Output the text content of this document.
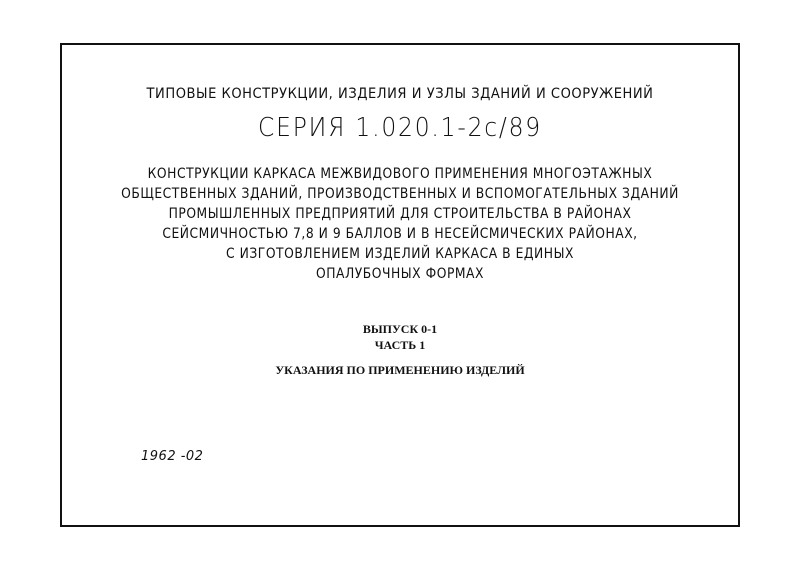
ТИПОВЫЕ КОНСТРУКЦИИ, ИЗДЕЛИЯ И УЗЛЫ ЗДАНИЙ И СООРУЖЕНИЙ
СЕРИЯ 1.020.1-2с/89
КОНСТРУКЦИИ КАРКАСА МЕЖВИДОВОГО ПРИМЕНЕНИЯ МНОГОЭТАЖНЫХ
ОБЩЕСТВЕННЫХ ЗДАНИЙ, ПРОИЗВОДСТВЕННЫХ И ВСПОМОГАТЕЛЬНЫХ ЗДАНИЙ
ПРОМЫШЛЕННЫХ ПРЕДПРИЯТИЙ ДЛЯ СТРОИТЕЛЬСТВА В РАЙОНАХ
СЕЙСМИЧНОСТЬЮ 7,8 И 9 БАЛЛОВ И В НЕСЕЙСМИЧЕСКИХ РАЙОНАХ,
С ИЗГОТОВЛЕНИЕМ ИЗДЕЛИЙ КАРКАСА В ЕДИНЫХ
ОПАЛУБОЧНЫХ ФОРМАХ
ВЫПУСК 0-1
ЧАСТЬ 1
УКАЗАНИЯ ПО ПРИМЕНЕНИЮ ИЗДЕЛИЙ
1962 -02
